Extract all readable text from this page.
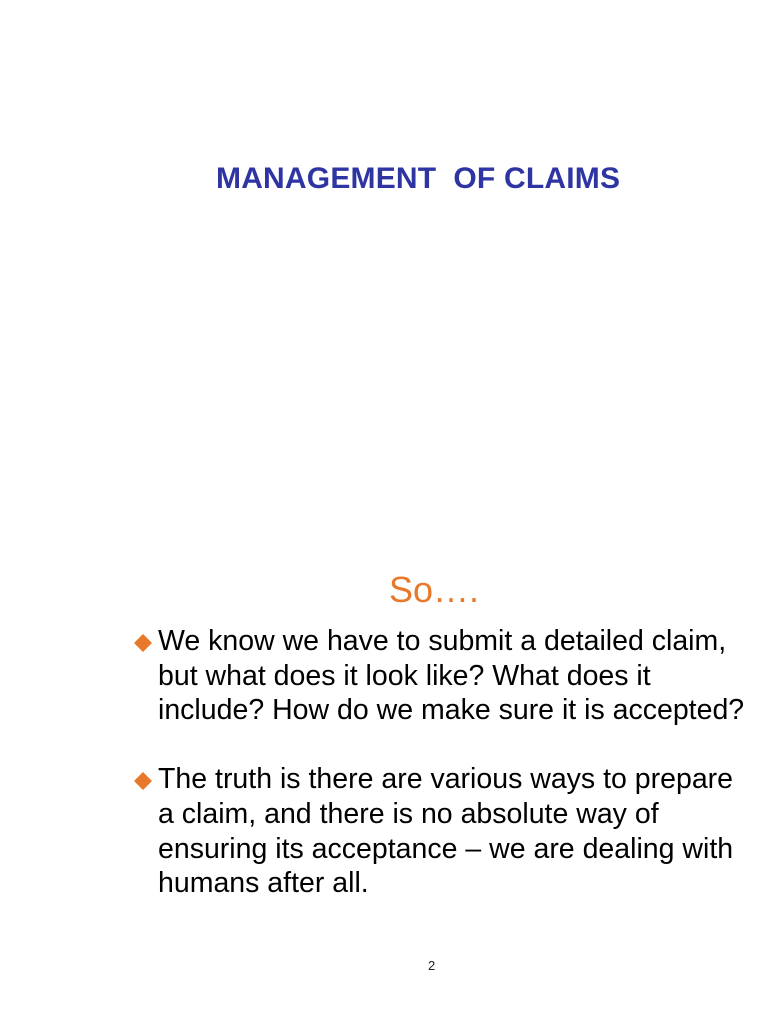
MANAGEMENT  OF CLAIMS
So….
We know we have to submit a detailed claim, but what does it look like? What does it include? How do we make sure it is accepted?
The truth is there are various ways to prepare a claim, and there is no absolute way of ensuring its acceptance – we are dealing with humans after all.
2
